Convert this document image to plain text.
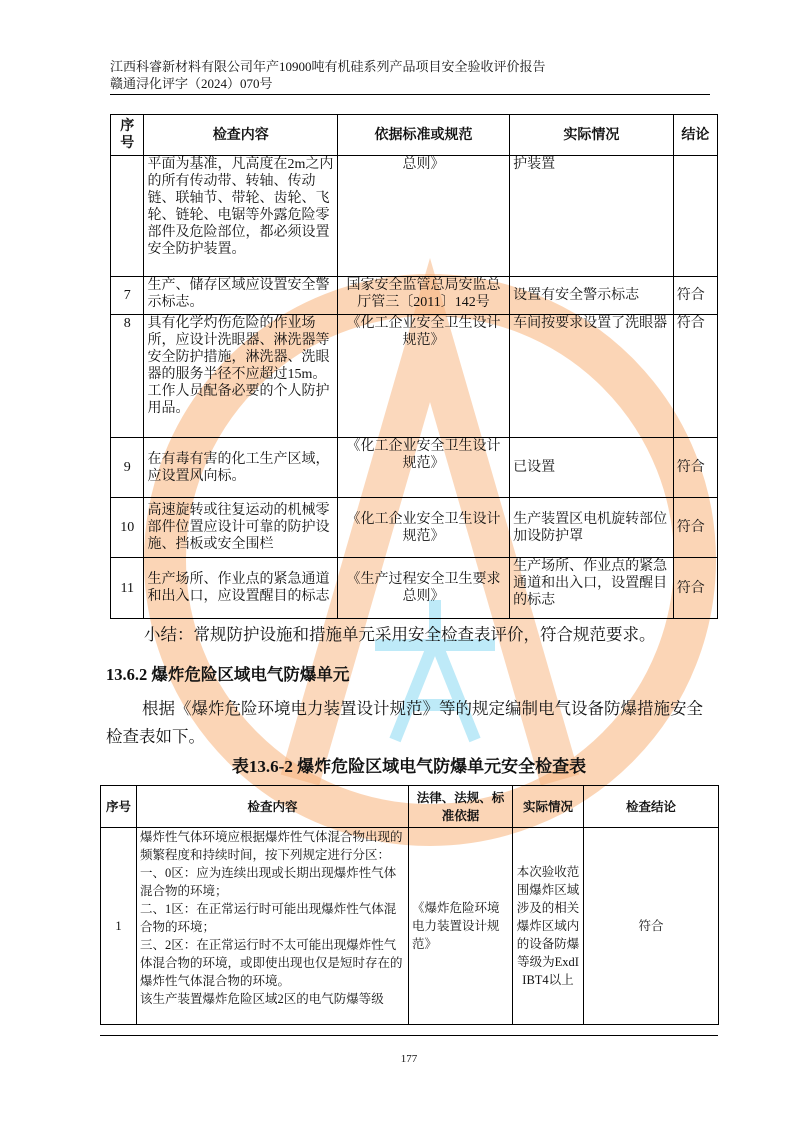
江西科睿新材料有限公司年产10900吨有机硅系列产品项目安全验收评价报告
赣通浔化评字（2024）070号
序号	检查内容	依据标准或规范	实际情况	结论
	平面为基准，凡高度在2m之内的所有传动带、转轴、传动链、联轴节、带轮、齿轮、飞轮、链轮、电锯等外露危险零部件及危险部位，都必须设置安全防护装置。	总则》	护装置	
7	生产、储存区域应设置安全警示标志。	国家安全监管总局安监总厅管三〔2011〕142号	设置有安全警示标志	符合
8	具有化学灼伤危险的作业场所，应设计洗眼器、淋洗器等安全防护措施，淋洗器、洗眼器的服务半径不应超过15m。工作人员配备必要的个人防护用品。	《化工企业安全卫生设计规范》	车间按要求设置了洗眼器	符合
9	在有毒有害的化工生产区域，应设置风向标。	《化工企业安全卫生设计规范》	已设置	符合
10	高速旋转或往复运动的机械零部件位置应设计可靠的防护设施、挡板或安全围栏	《化工企业安全卫生设计规范》	生产装置区电机旋转部位加设防护罩	符合
11	生产场所、作业点的紧急通道和出入口，应设置醒目的标志	《生产过程安全卫生要求总则》	生产场所、作业点的紧急通道和出入口，设置醒目的标志	符合
小结：常规防护设施和措施单元采用安全检查表评价，符合规范要求。
13.6.2 爆炸危险区域电气防爆单元
根据《爆炸危险环境电力装置设计规范》等的规定编制电气设备防爆措施安全检查表如下。
表13.6-2 爆炸危险区域电气防爆单元安全检查表
序号	检查内容	法律、法规、标准依据	实际情况	检查结论
1	爆炸性气体环境应根据爆炸性气体混合物出现的频繁程度和持续时间，按下列规定进行分区：
一、0区：应为连续出现或长期出现爆炸性气体混合物的环境；
二、1区：在正常运行时可能出现爆炸性气体混合物的环境；
三、2区：在正常运行时不太可能出现爆炸性气体混合物的环境，或即使出现也仅是短时存在的爆炸性气体混合物的环境。
该生产装置爆炸危险区域2区的电气防爆等级	《爆炸危险环境电力装置设计规范》	本次验收范围爆炸区域涉及的相关爆炸区域内的设备防爆等级为ExdIIBT4以上	符合
177
